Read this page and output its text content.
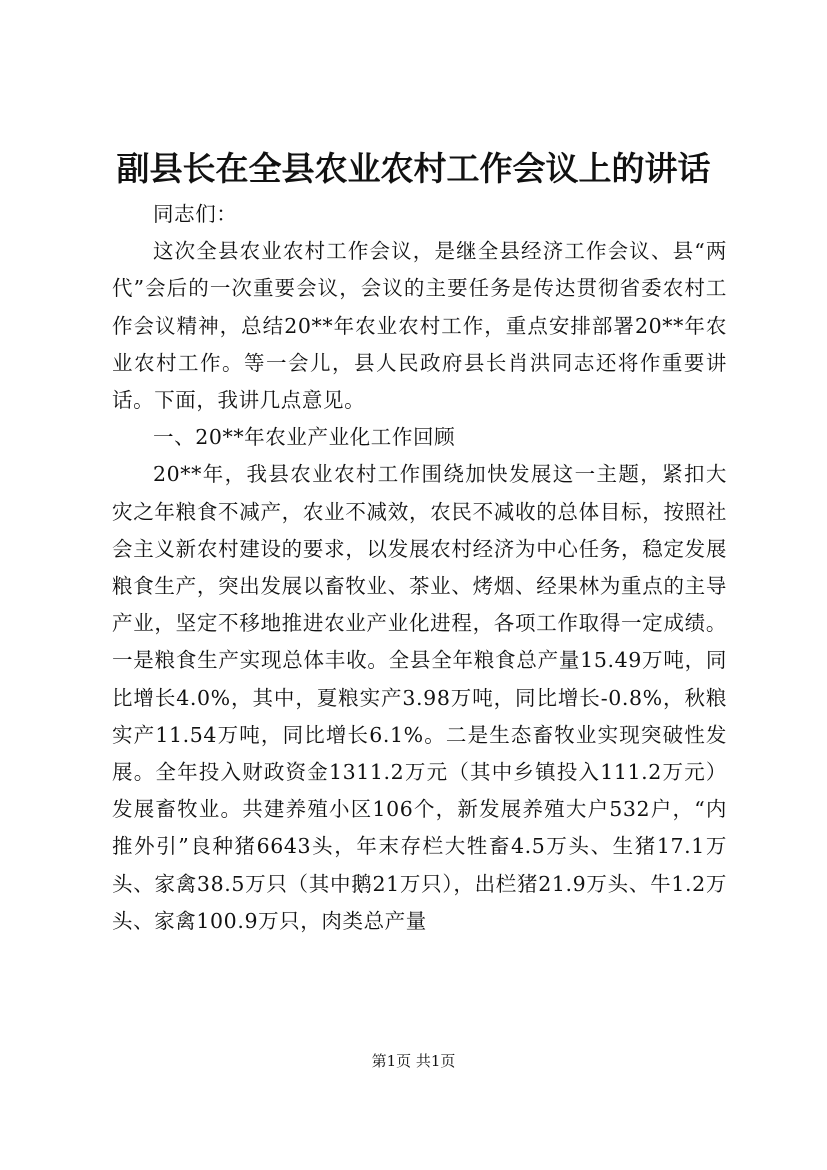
副县长在全县农业农村工作会议上的讲话

同志们：

这次全县农业农村工作会议，是继全县经济工作会议、县“两代”会后的一次重要会议，会议的主要任务是传达贯彻省委农村工作会议精神，总结20**年农业农村工作，重点安排部署20**年农业农村工作。等一会儿，县人民政府县长肖洪同志还将作重要讲话。下面，我讲几点意见。

一、20**年农业产业化工作回顾

20**年，我县农业农村工作围绕加快发展这一主题，紧扣大灾之年粮食不减产，农业不减效，农民不减收的总体目标，按照社会主义新农村建设的要求，以发展农村经济为中心任务，稳定发展粮食生产，突出发展以畜牧业、茶业、烤烟、经果林为重点的主导产业，坚定不移地推进农业产业化进程，各项工作取得一定成绩。一是粮食生产实现总体丰收。全县全年粮食总产量15.49万吨，同比增长4.0%，其中，夏粮实产3.98万吨，同比增长-0.8%，秋粮实产11.54万吨，同比增长6.1%。二是生态畜牧业实现突破性发展。全年投入财政资金1311.2万元（其中乡镇投入111.2万元）发展畜牧业。共建养殖小区106个，新发展养殖大户532户，“内推外引”良种猪6643头，年末存栏大牲畜4.5万头、生猪17.1万头、家禽38.5万只（其中鹅21万只），出栏猪21.9万头、牛1.2万头、家禽100.9万只，肉类总产量

第1页 共1页
